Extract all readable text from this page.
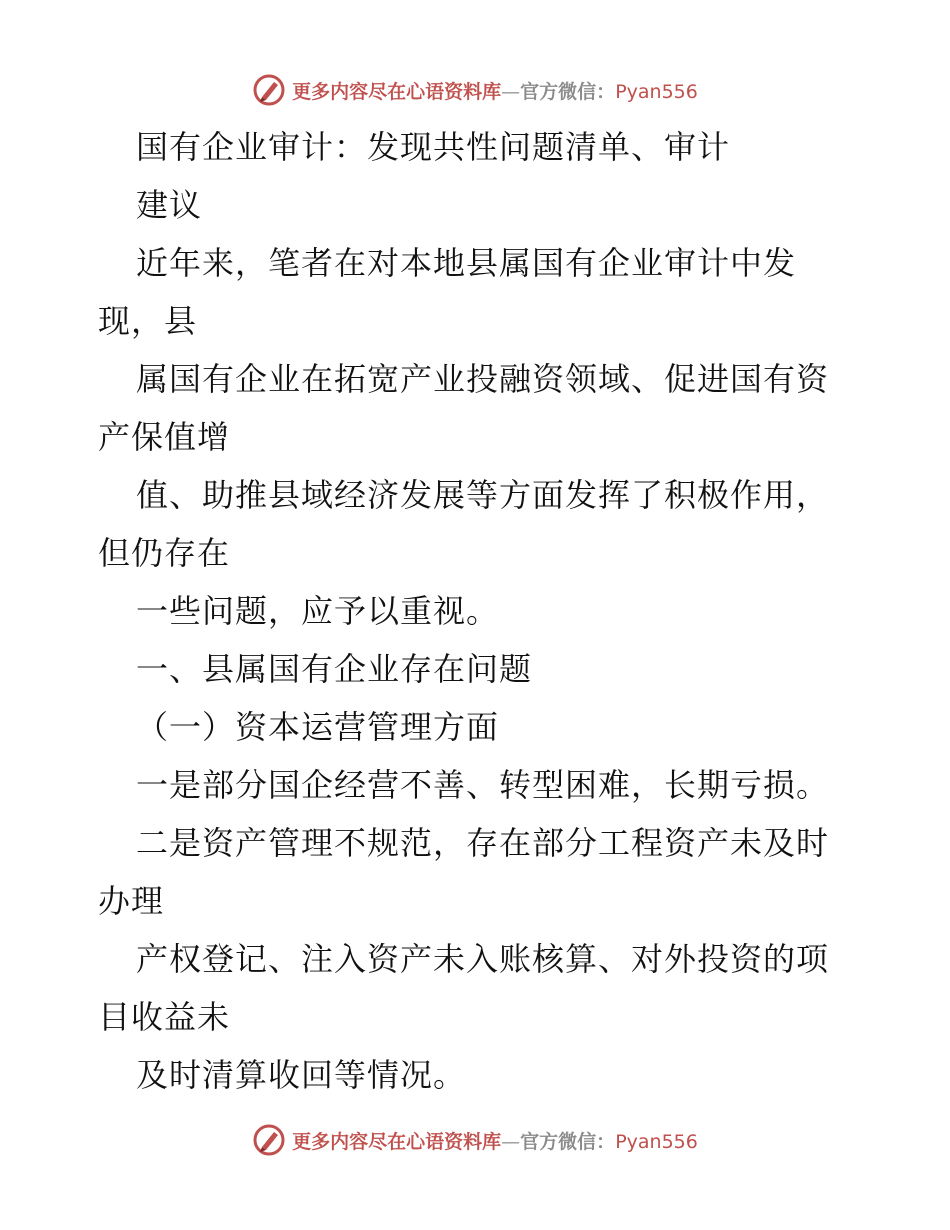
更多内容尽在心语资料库—官方微信：Pyan556
国有企业审计：发现共性问题清单、审计
建议
近年来，笔者在对本地县属国有企业审计中发
现，县
属国有企业在拓宽产业投融资领域、促进国有资
产保值增
值、助推县域经济发展等方面发挥了积极作用，
但仍存在
一些问题，应予以重视。
一、县属国有企业存在问题
（一）资本运营管理方面
一是部分国企经营不善、转型困难，长期亏损。
二是资产管理不规范，存在部分工程资产未及时
办理
产权登记、注入资产未入账核算、对外投资的项
目收益未
及时清算收回等情况。
更多内容尽在心语资料库—官方微信：Pyan556
